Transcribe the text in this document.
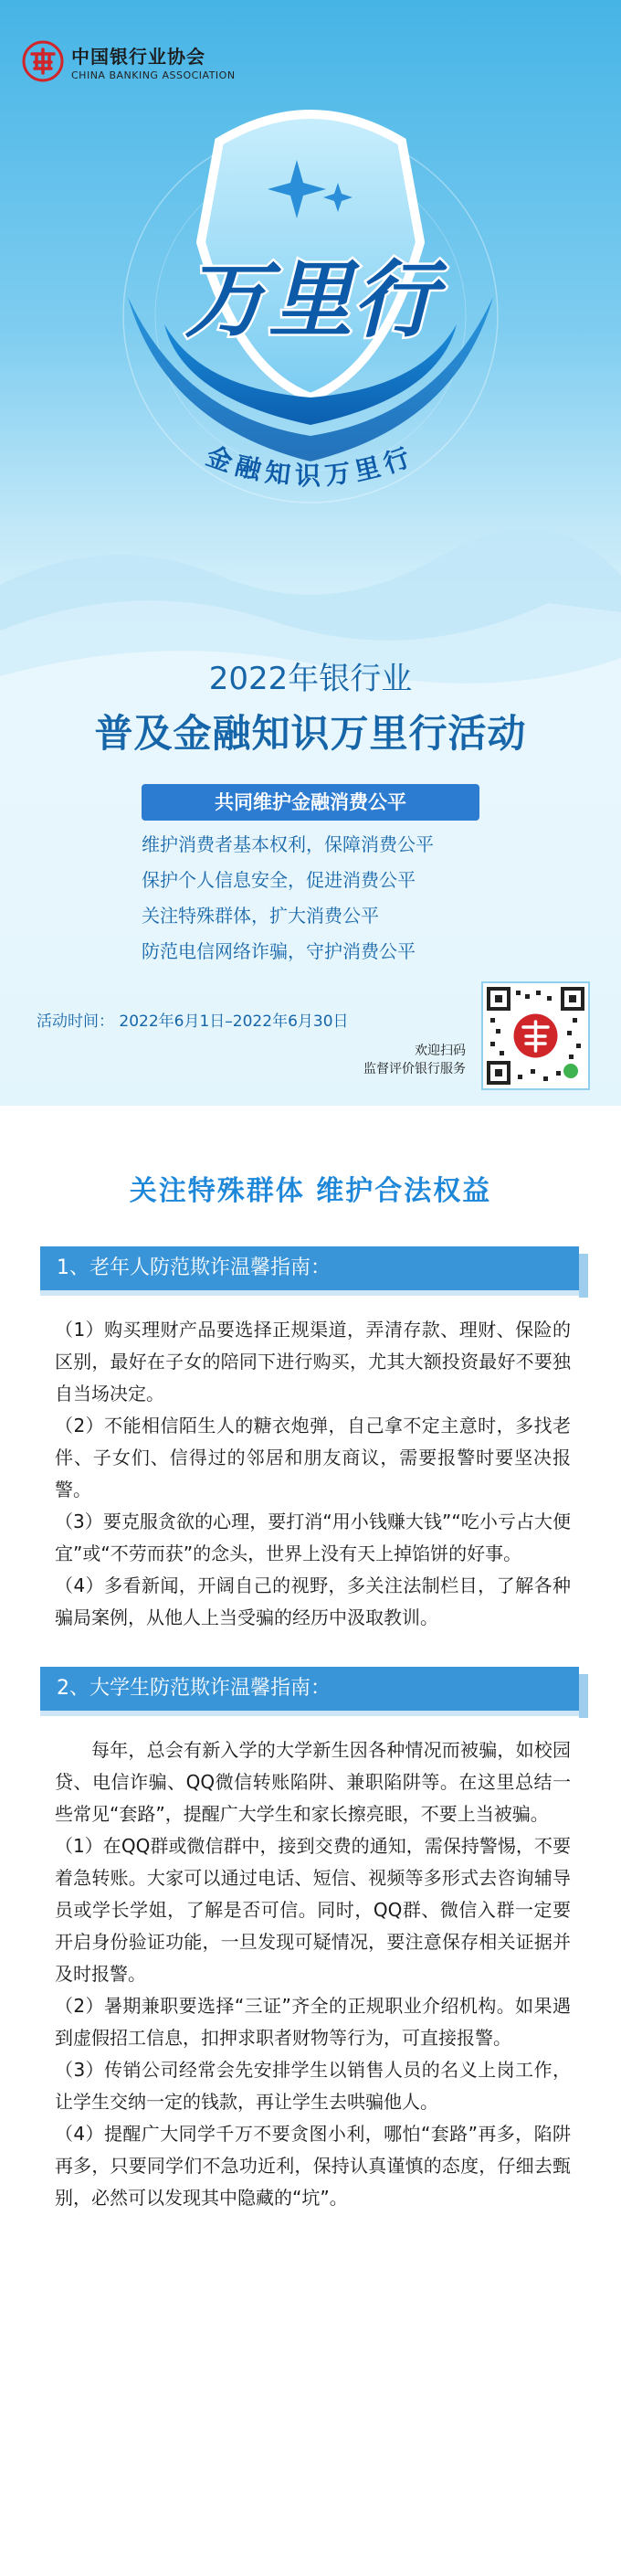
中国银行业协会
CHINA BANKING ASSOCIATION
万里行
金融知识万里行
2022年银行业
普及金融知识万里行活动
共同维护金融消费公平
维护消费者基本权利，保障消费公平
保护个人信息安全，促进消费公平
关注特殊群体，扩大消费公平
防范电信网络诈骗，守护消费公平
活动时间： 2022年6月1日–2022年6月30日
欢迎扫码
监督评价银行服务
关注特殊群体 维护合法权益
1、老年人防范欺诈温馨指南：

（1）购买理财产品要选择正规渠道，弄清存款、理财、保险的区别，最好在子女的陪同下进行购买，尤其大额投资最好不要独自当场决定。

（2）不能相信陌生人的糖衣炮弹，自己拿不定主意时，多找老伴、子女们、信得过的邻居和朋友商议，需要报警时要坚决报警。

（3）要克服贪欲的心理，要打消“用小钱赚大钱”“吃小亏占大便宜”或“不劳而获”的念头，世界上没有天上掉馅饼的好事。

（4）多看新闻，开阔自己的视野，多关注法制栏目，了解各种骗局案例，从他人上当受骗的经历中汲取教训。

2、大学生防范欺诈温馨指南：

每年，总会有新入学的大学新生因各种情况而被骗，如校园贷、电信诈骗、QQ微信转账陷阱、兼职陷阱等。在这里总结一些常见“套路”，提醒广大学生和家长擦亮眼，不要上当被骗。

（1）在QQ群或微信群中，接到交费的通知，需保持警惕，不要着急转账。大家可以通过电话、短信、视频等多形式去咨询辅导员或学长学姐，了解是否可信。同时，QQ群、微信入群一定要开启身份验证功能，一旦发现可疑情况，要注意保存相关证据并及时报警。

（2）暑期兼职要选择“三证”齐全的正规职业介绍机构。如果遇到虚假招工信息，扣押求职者财物等行为，可直接报警。

（3）传销公司经常会先安排学生以销售人员的名义上岗工作，让学生交纳一定的钱款，再让学生去哄骗他人。

（4）提醒广大同学千万不要贪图小利，哪怕“套路”再多，陷阱再多，只要同学们不急功近利，保持认真谨慎的态度，仔细去甄别，必然可以发现其中隐藏的“坑”。
